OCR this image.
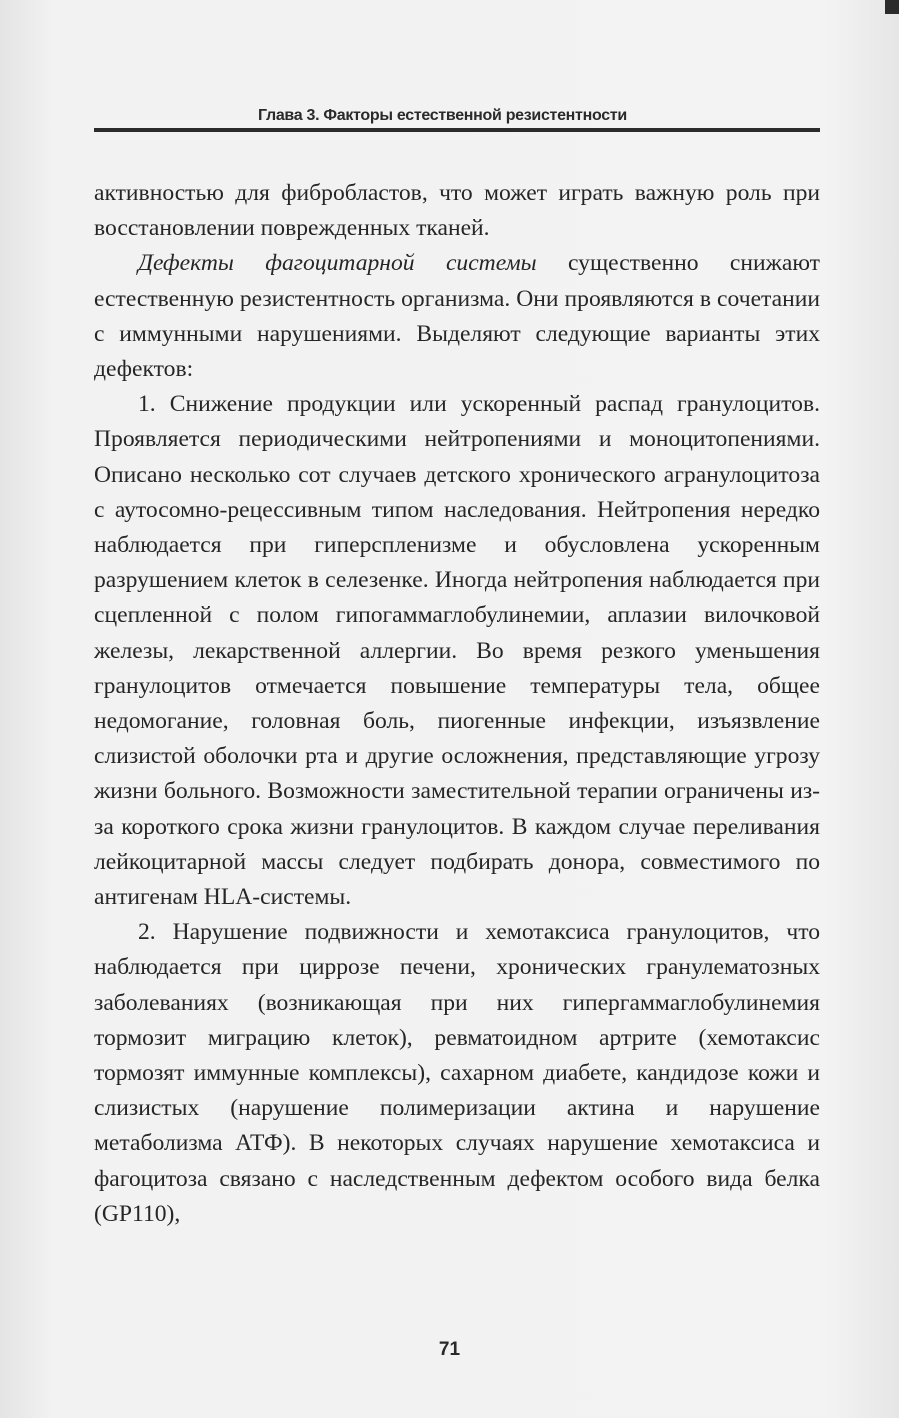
Глава 3. Факторы естественной резистентности

активностью для фибробластов, что может играть важную роль при восстановлении поврежденных тканей.

Дефекты фагоцитарной системы существенно снижают естественную резистентность организма. Они проявляются в сочетании с иммунными нарушениями. Выделяют следующие варианты этих дефектов:

1. Снижение продукции или ускоренный распад гранулоцитов. Проявляется периодическими нейтропениями и моноцитопениями. Описано несколько сот случаев детского хронического агранулоцитоза с аутосомно-рецессивным типом наследования. Нейтропения нередко наблюдается при гиперспленизме и обусловлена ускоренным разрушением клеток в селезенке. Иногда нейтропения наблюдается при сцепленной с полом гипогаммаглобулинемии, аплазии вилочковой железы, лекарственной аллергии. Во время резкого уменьшения гранулоцитов отмечается повышение температуры тела, общее недомогание, головная боль, пиогенные инфекции, изъязвление слизистой оболочки рта и другие осложнения, представляющие угрозу жизни больного. Возможности заместительной терапии ограничены из-за короткого срока жизни гранулоцитов. В каждом случае переливания лейкоцитарной массы следует подбирать донора, совместимого по антигенам HLA-системы.

2. Нарушение подвижности и хемотаксиса гранулоцитов, что наблюдается при циррозе печени, хронических гранулематозных заболеваниях (возникающая при них гипергаммаглобулинемия тормозит миграцию клеток), ревматоидном артрите (хемотаксис тормозят иммунные комплексы), сахарном диабете, кандидозе кожи и слизистых (нарушение полимеризации актина и нарушение метаболизма АТФ). В некоторых случаях нарушение хемотаксиса и фагоцитоза связано с наследственным дефектом особого вида белка (GP110),

71
